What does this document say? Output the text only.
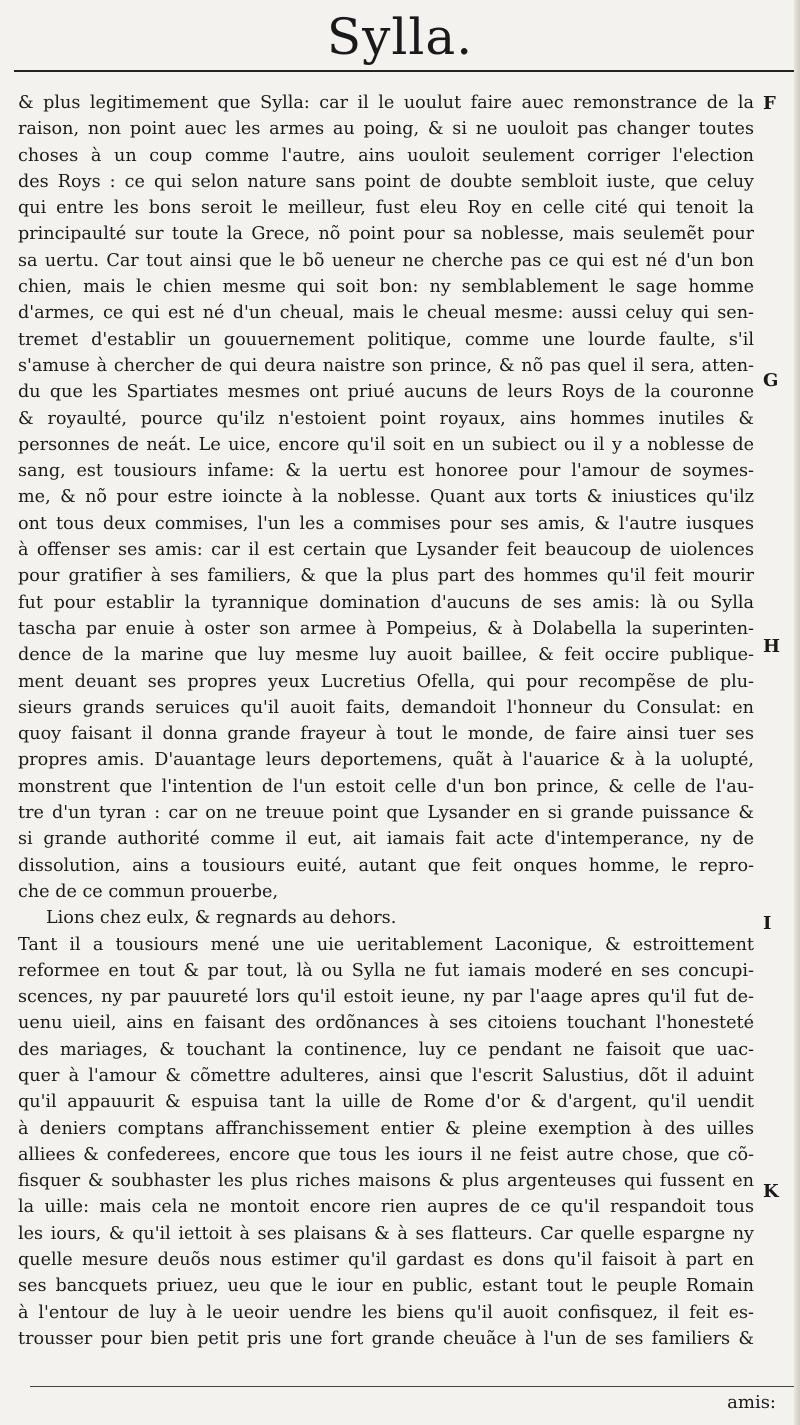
Sylla.
& plus legitimement que Sylla: car il le uoulut faire auec remonstrance de la
raison, non point auec les armes au poing, & si ne uouloit pas changer toutes
choses à un coup comme l'autre, ains uouloit seulement corriger l'election
des Roys : ce qui selon nature sans point de doubte sembloit iuste, que celuy
qui entre les bons seroit le meilleur, fust eleu Roy en celle cité qui tenoit la
principaulté sur toute la Grece, nõ point pour sa noblesse, mais seulemẽt pour
sa uertu. Car tout ainsi que le bõ ueneur ne cherche pas ce qui est né d'un bon
chien, mais le chien mesme qui soit bon: ny semblablement le sage homme
d'armes, ce qui est né d'un cheual, mais le cheual mesme: aussi celuy qui sen-
tremet d'establir un gouuernement politique, comme une lourde faulte, s'il
s'amuse à chercher de qui deura naistre son prince, & nõ pas quel il sera, atten-
du que les Spartiates mesmes ont priué aucuns de leurs Roys de la couronne
& royaulté, pource qu'ilz n'estoient point royaux, ains hommes inutiles &
personnes de neát. Le uice, encore qu'il soit en un subiect ou il y a noblesse de
sang, est tousiours infame: & la uertu est honoree pour l'amour de soymes-
me, & nõ pour estre ioincte à la noblesse. Quant aux torts & iniustices qu'ilz
ont tous deux commises, l'un les a commises pour ses amis, & l'autre iusques
à offenser ses amis: car il est certain que Lysander feit beaucoup de uiolences
pour gratifier à ses familiers, & que la plus part des hommes qu'il feit mourir
fut pour establir la tyrannique domination d'aucuns de ses amis: là ou Sylla
tascha par enuie à oster son armee à Pompeius, & à Dolabella la superinten-
dence de la marine que luy mesme luy auoit baillee, & feit occire publique-
ment deuant ses propres yeux Lucretius Ofella, qui pour recompẽse de plu-
sieurs grands seruices qu'il auoit faits, demandoit l'honneur du Consulat: en
quoy faisant il donna grande frayeur à tout le monde, de faire ainsi tuer ses
propres amis. D'auantage leurs deportemens, quãt à l'auarice & à la uolupté,
monstrent que l'intention de l'un estoit celle d'un bon prince, & celle de l'au-
tre d'un tyran : car on ne treuue point que Lysander en si grande puissance &
si grande authorité comme il eut, ait iamais fait acte d'intemperance, ny de
dissolution, ains a tousiours euité, autant que feit onques homme, le repro-
che de ce commun prouerbe,
Lions chez eulx, & regnards au dehors.
Tant il a tousiours mené une uie ueritablement Laconique, & estroittement
reformee en tout & par tout, là ou Sylla ne fut iamais moderé en ses concupi-
scences, ny par pauureté lors qu'il estoit ieune, ny par l'aage apres qu'il fut de-
uenu uieil, ains en faisant des ordõnances à ses citoiens touchant l'honesteté
des mariages, & touchant la continence, luy ce pendant ne faisoit que uac-
quer à l'amour & cõmettre adulteres, ainsi que l'escrit Salustius, dõt il aduint
qu'il appauurit & espuisa tant la uille de Rome d'or & d'argent, qu'il uendit
à deniers comptans affranchissement entier & pleine exemption à des uilles
alliees & confederees, encore que tous les iours il ne feist autre chose, que cõ-
fisquer & soubhaster les plus riches maisons & plus argenteuses qui fussent en
la uille: mais cela ne montoit encore rien aupres de ce qu'il respandoit tous
les iours, & qu'il iettoit à ses plaisans & à ses flatteurs. Car quelle espargne ny
quelle mesure deuõs nous estimer qu'il gardast es dons qu'il faisoit à part en
ses bancquets priuez, ueu que le iour en public, estant tout le peuple Romain
à l'entour de luy à le ueoir uendre les biens qu'il auoit confisquez, il feit es-
trousser pour bien petit pris une fort grande cheuãce à l'un de ses familiers &
F
G
H
I
K
amis:
